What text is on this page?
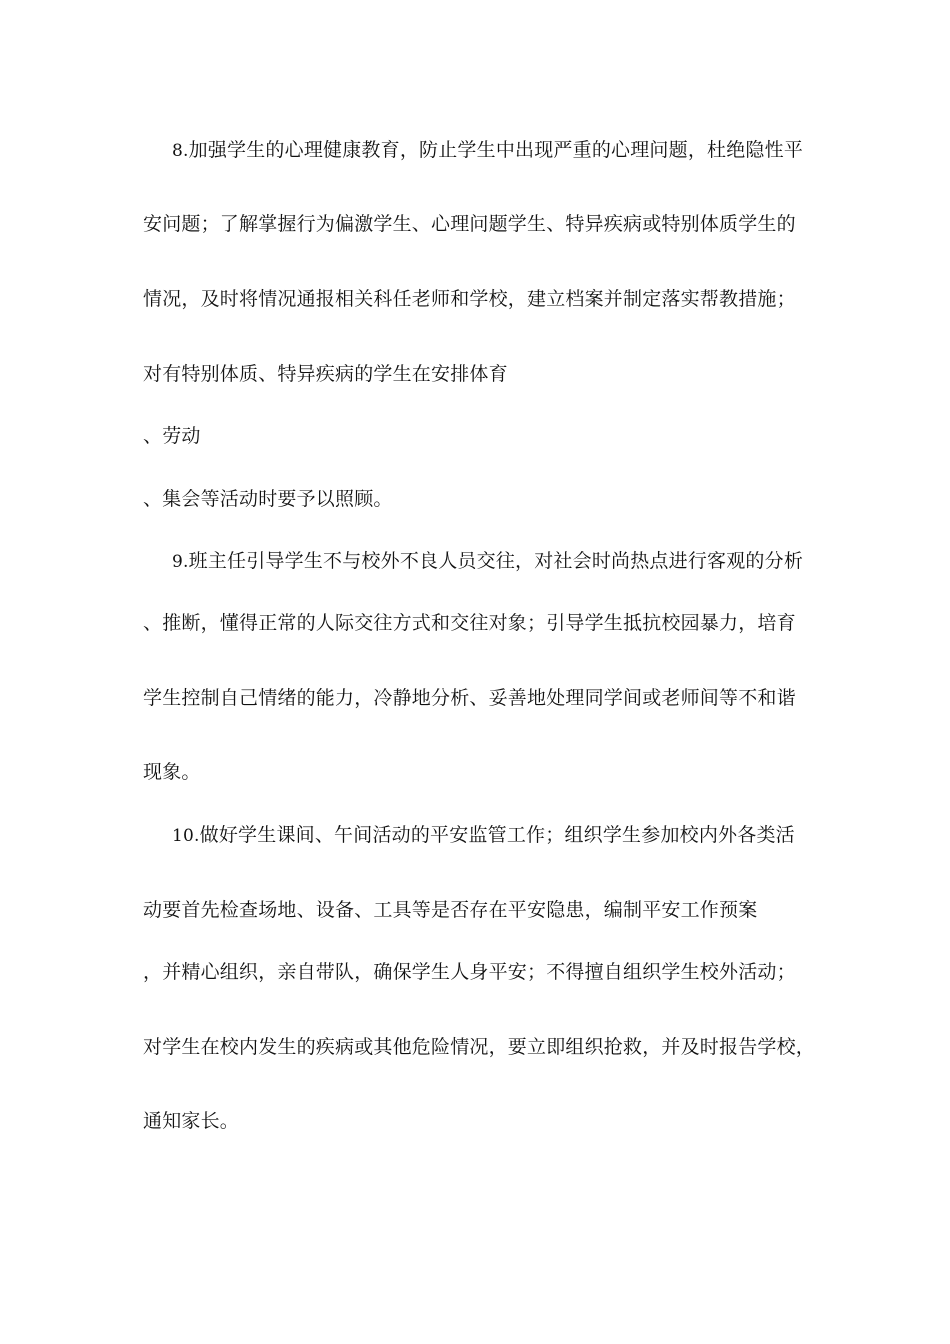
8.加强学生的心理健康教育，防止学生中出现严重的心理问题，杜绝隐性平
安问题；了解掌握行为偏激学生、心理问题学生、特异疾病或特别体质学生的
情况，及时将情况通报相关科任老师和学校，建立档案并制定落实帮教措施；
对有特别体质、特异疾病的学生在安排体育
、劳动
、集会等活动时要予以照顾。
9.班主任引导学生不与校外不良人员交往，对社会时尚热点进行客观的分析
、推断，懂得正常的人际交往方式和交往对象；引导学生抵抗校园暴力，培育
学生控制自己情绪的能力，冷静地分析、妥善地处理同学间或老师间等不和谐
现象。
10.做好学生课间、午间活动的平安监管工作；组织学生参加校内外各类活
动要首先检查场地、设备、工具等是否存在平安隐患，编制平安工作预案
，并精心组织，亲自带队，确保学生人身平安；不得擅自组织学生校外活动；
对学生在校内发生的疾病或其他危险情况，要立即组织抢救，并及时报告学校，
通知家长。
